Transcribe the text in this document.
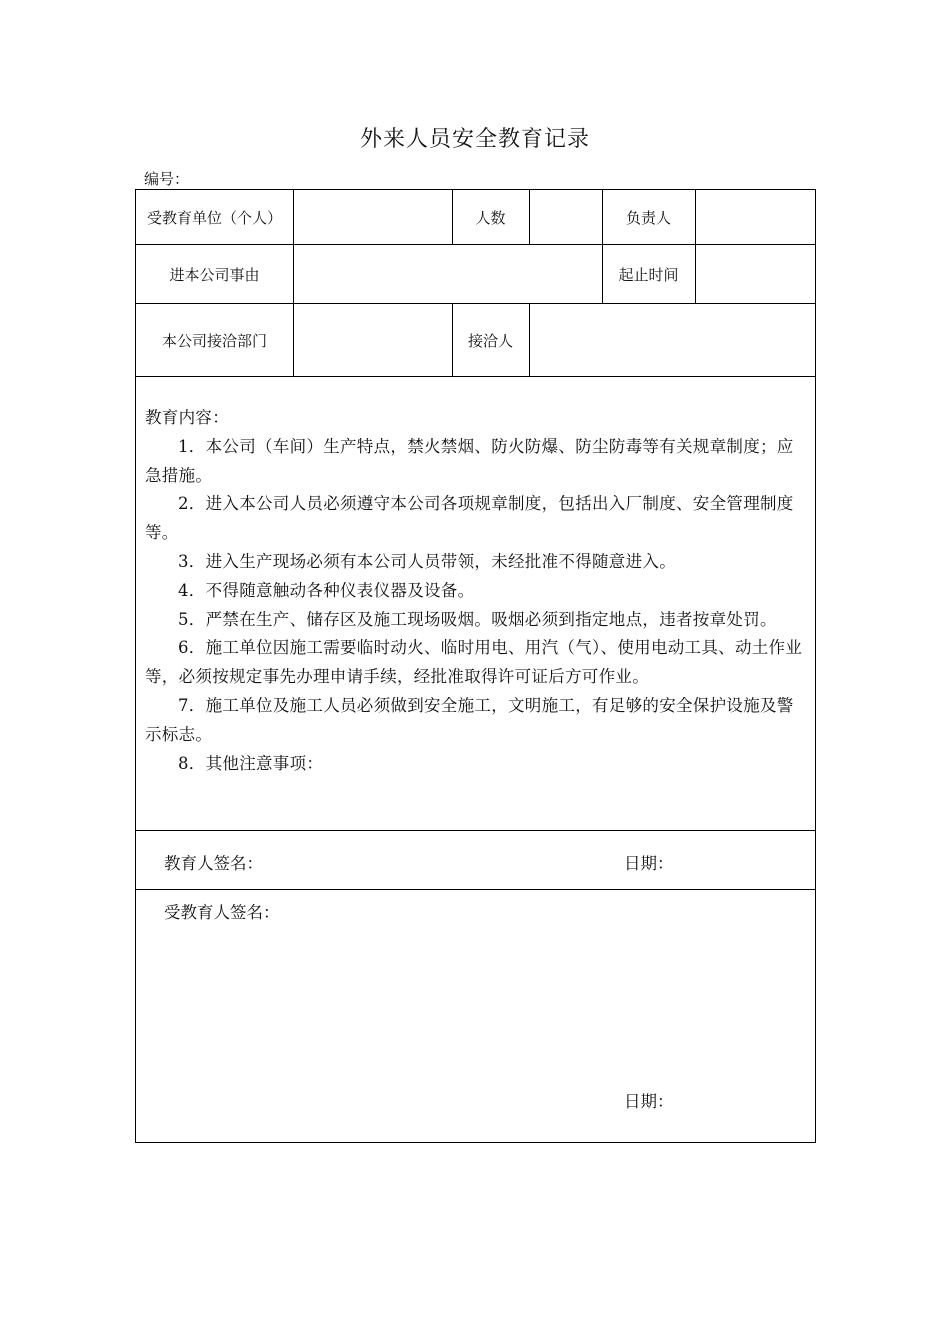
外来人员安全教育记录
编号：
受教育单位（个人）	人数	负责人
进本公司事由	起止时间
本公司接洽部门	接洽人

教育内容：

1．本公司（车间）生产特点，禁火禁烟、防火防爆、防尘防毒等有关规章制度；应急措施。

2．进入本公司人员必须遵守本公司各项规章制度，包括出入厂制度、安全管理制度等。

3．进入生产现场必须有本公司人员带领，未经批准不得随意进入。

4．不得随意触动各种仪表仪器及设备。

5．严禁在生产、储存区及施工现场吸烟。吸烟必须到指定地点，违者按章处罚。

6．施工单位因施工需要临时动火、临时用电、用汽（气）、使用电动工具、动土作业等，必须按规定事先办理申请手续，经批准取得许可证后方可作业。

7．施工单位及施工人员必须做到安全施工，文明施工，有足够的安全保护设施及警示标志。

8．其他注意事项：

教育人签名：	日期：
受教育人签名：
日期：
